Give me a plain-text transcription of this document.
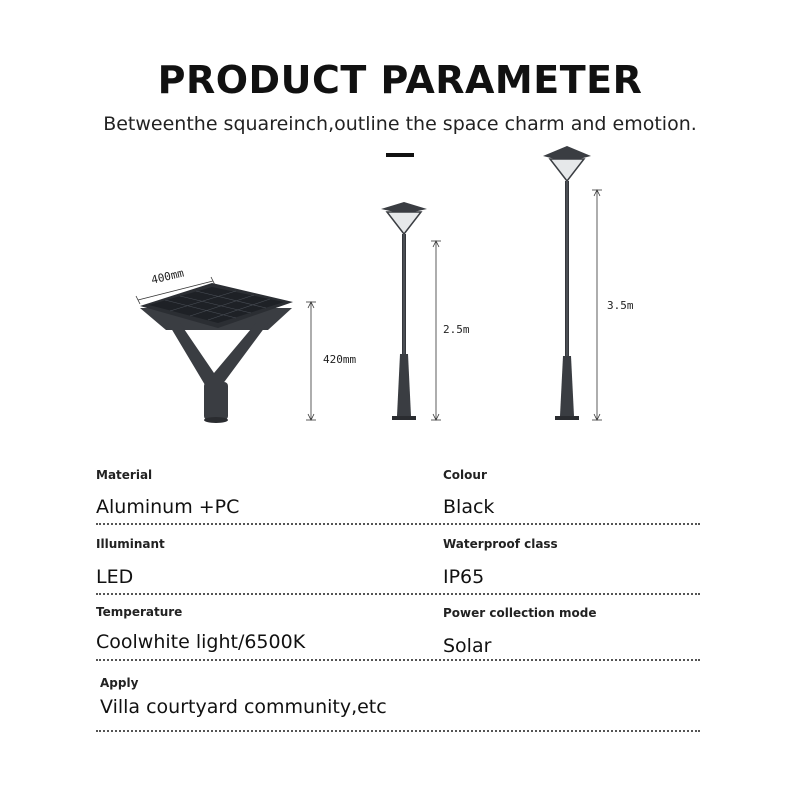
PRODUCT PARAMETER
Betweenthe squareinch,outline the space charm and emotion.
400mm
420mm
2.5m
3.5m
Material
Aluminum +PC
Colour
Black
Illuminant
LED
Waterproof class
IP65
Temperature
Coolwhite light/6500K
Power collection mode
Solar
Apply
Villa courtyard community,etc
